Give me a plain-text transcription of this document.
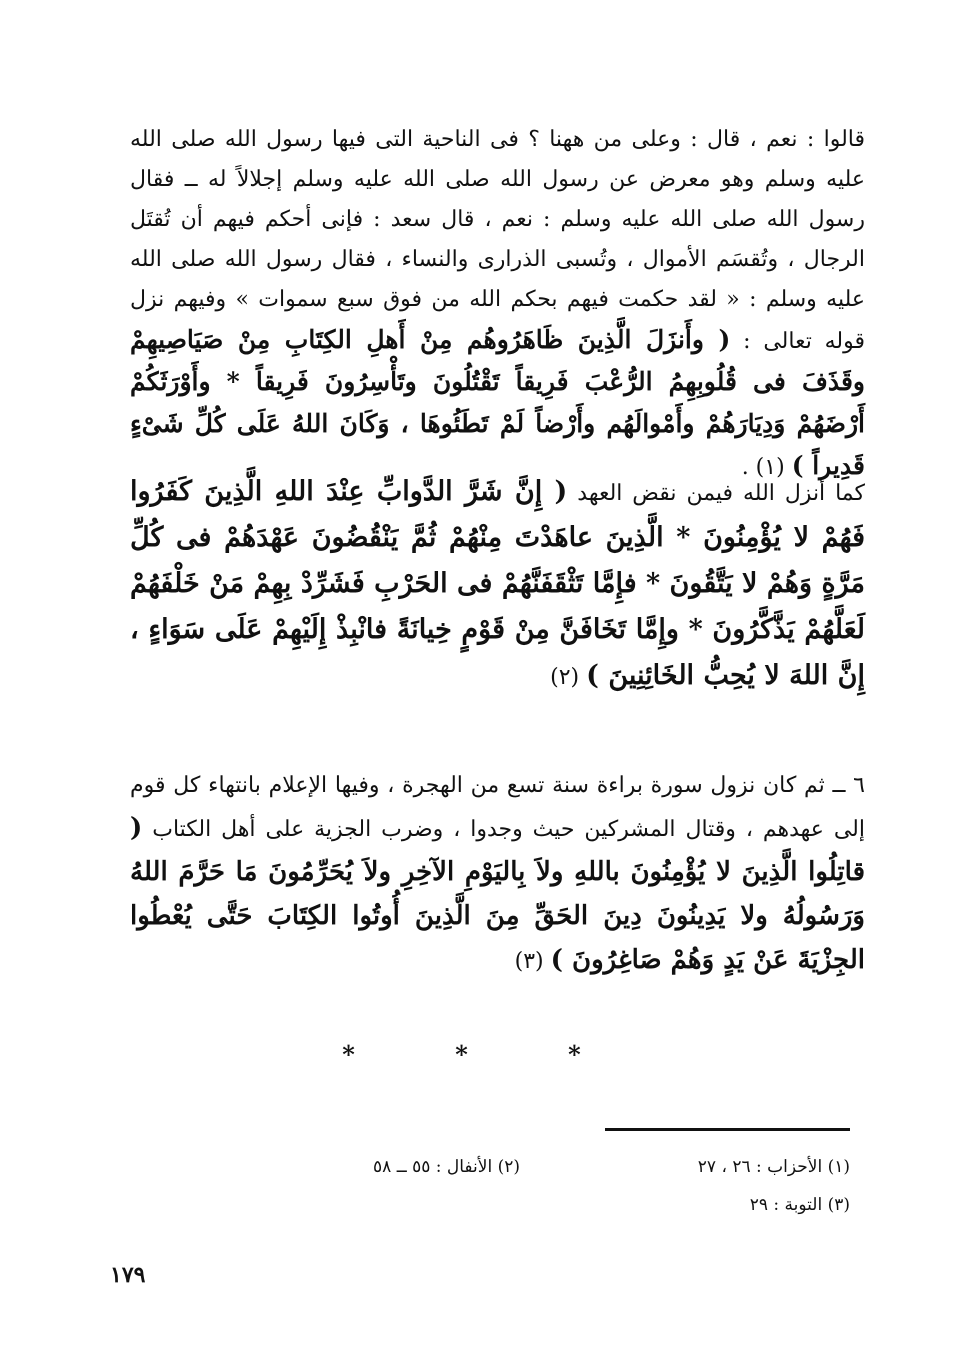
قالوا : نعم ، قال : وعلى من ههنا ؟ فى الناحية التى فيها رسول الله صلى الله عليه وسلم وهو معرض عن رسول الله صلى الله عليه وسلم إجلالاً له ــ فقال رسول الله صلى الله عليه وسلم : نعم ، قال سعد : فإنى أحكم فيهم أن تُقتَل الرجال ، وتُقسَم الأموال ، وتُسبى الذرارى والنساء ، فقال رسول الله صلى الله عليه وسلم : « لقد حكمت فيهم بحكم الله من فوق سبع سموات » وفيهم نزل قوله تعالى : ( وأَنزَلَ الَّذِينَ ظَاهَرُوهُم مِنْ أَهلِ الكِتَابِ مِنْ صَيَاصِيهِمْ وقَذَفَ فى قُلُوبِهِمُ الرُّعْبَ فَرِيقاً تَقْتُلُونَ وتَأْسِرُونَ فَرِيقاً * وأَوْرَثَكُمْ أَرْضَهُمْ وَدِيَارَهُمْ وأَمْوالَهُم وأَرْضاً لَمْ تَطَئُوهَا ، وَكَانَ اللهُ عَلَى كُلِّ شَىْءٍ قَدِيراً ) (١) .

كما أنزل الله فيمن نقض العهد ( إِنَّ شَرَّ الدَّوابِّ عِنْدَ اللهِ الَّذِينَ كَفَرُوا فَهُمْ لا يُؤْمِنُونَ * الَّذِينَ عاهَدْتَ مِنْهُمْ ثُمَّ يَنْقُضُونَ عَهْدَهُمْ فى كُلِّ مَرَّةٍ وَهُمْ لا يَتَّقُونَ * فإِمَّا تَثْقَفَنَّهُمْ فى الحَرْبِ فَشَرِّدْ بِهِمْ مَنْ خَلْفَهُمْ لَعَلَّهُمْ يَذَّكَّرُونَ * وإِمَّا تَخَافَنَّ مِنْ قَوْمٍ خِيانَةً فانْبِذْ إِلَيْهِمْ عَلَى سَوَاءٍ ، إِنَّ اللهَ لا يُحِبُّ الخَائِنِينَ ) (٢)

٦ ــ ثم كان نزول سورة براءة سنة تسع من الهجرة ، وفيها الإعلام بانتهاء كل قوم إلى عهدهم ، وقتال المشركين حيث وجدوا ، وضرب الجزية على أهل الكتاب ( قاتِلُوا الَّذِينَ لا يُؤْمِنُونَ باللهِ ولاَ بِاليَوْمِ الآخِرِ ولاَ يُحَرِّمُونَ مَا حَرَّمَ اللهُ وَرَسُولُهُ ولا يَدِينُونَ دِينَ الحَقِّ مِنَ الَّذِينَ أُوتُوا الكِتَابَ حَتَّى يُعْطُوا الجِزْيَةَ عَنْ يَدٍ وَهُمْ صَاغِرُونَ ) (٣)

* * *
(١) الأحزاب : ٢٦ ، ٢٧
(٢) الأنفال : ٥٥ ــ ٥٨
(٣) التوبة : ٢٩
١٧٩
